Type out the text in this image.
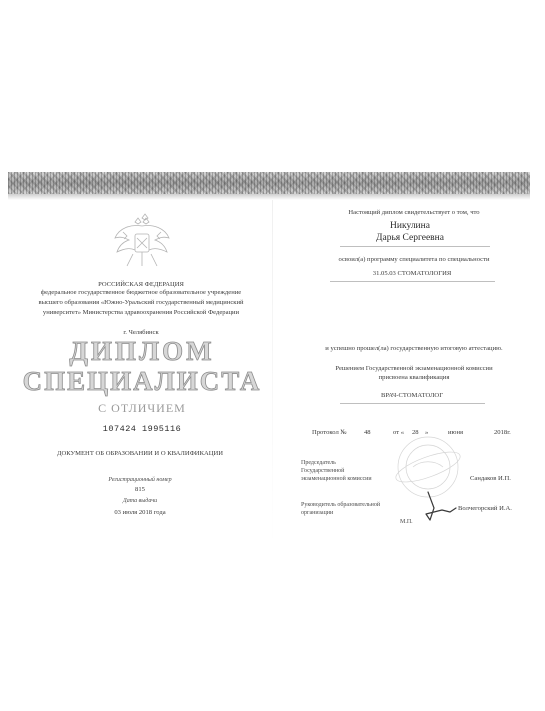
РОССИЙСКАЯ ФЕДЕРАЦИЯ
федеральное государственное бюджетное образовательное учреждение
высшего образования «Южно-Уральский государственный медицинский
университет» Министерства здравоохранения Российской Федерации
г. Челябинск
ДИПЛОМ
СПЕЦИАЛИСТА
С ОТЛИЧИЕМ
107424 1995116
ДОКУМЕНТ ОБ ОБРАЗОВАНИИ И О КВАЛИФИКАЦИИ
Регистрационный номер
815
Дата выдачи
03 июля 2018 года
Настоящий диплом свидетельствует о том, что
Никулина
Дарья Сергеевна
освоил(а) программу специалитета по специальности
31.05.03 СТОМАТОЛОГИЯ
и успешно прошел(ла) государственную итоговую аттестацию.
Решением Государственной экзаменационной комиссии
присвоена квалификация
ВРАЧ-СТОМАТОЛОГ
Протокол №	48	от « 28 »	июня	2018г.
Председатель
Государственной
экзаменационной комиссии	Сандаков И.П.
Руководитель образовательной
организации
Волчегорский И.А.
М.П.
